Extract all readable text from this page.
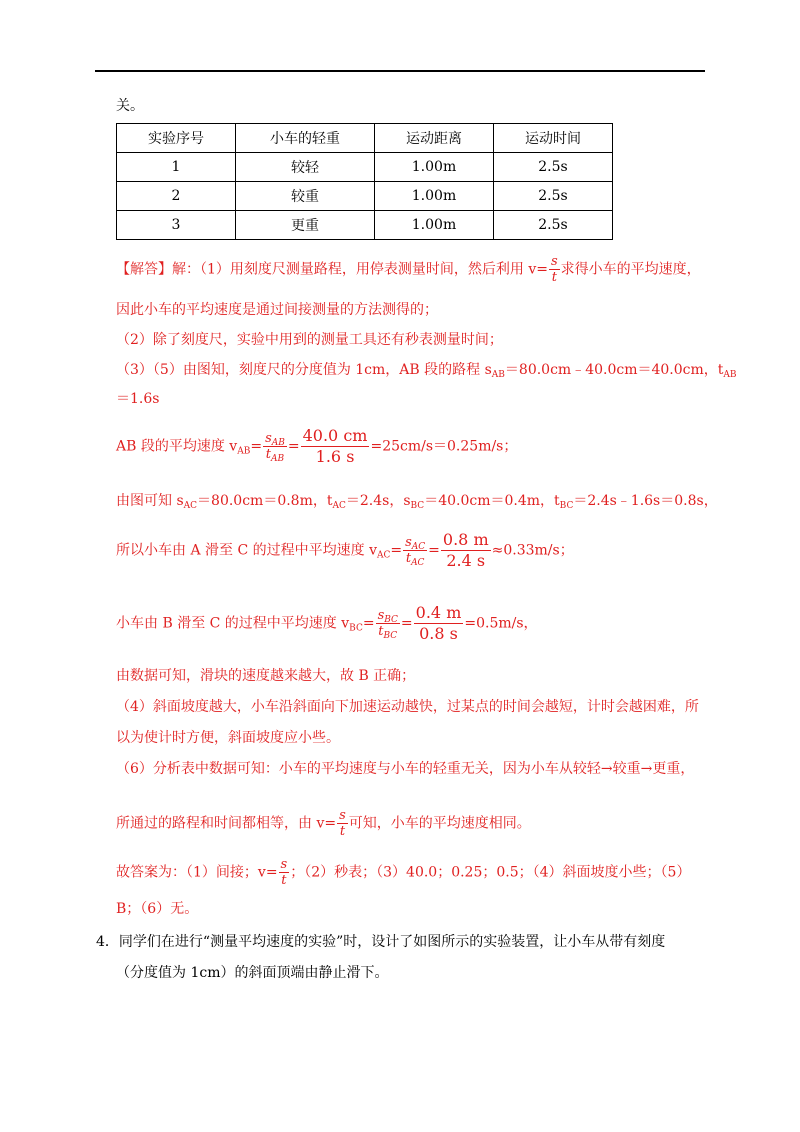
关。
实验序号	小车的轻重	运动距离	运动时间
1	较轻	1.00m	2.5s
2	较重	1.00m	2.5s
3	更重	1.00m	2.5s
【解答】解：（1）用刻度尺测量路程，用停表测量时间，然后利用 $v= \frac{s}{t}$ 求得小车的平均速度，
因此小车的平均速度是通过间接测量的方法测得的；
（2）除了刻度尺，实验中用到的测量工具还有秒表测量时间；
（3）（5）由图知，刻度尺的分度值为 1cm，AB 段的路程 $s_{AB}=80.0cm﹣40.0cm=40.0cm$，$t_{AB}$
＝1.6s
AB 段的平均速度 $v_{AB}= \frac{s_{AB}}{t_{AB}} = \frac{40.0 cm}{1.6 s} =25cm/s=0.25m/s$；
由图可知 $s_{AC}=80.0cm=0.8m$，$t_{AC}=2.4s$，$s_{BC}=40.0cm=0.4m$，$t_{BC}=2.4s﹣1.6s=0.8s$，
所以小车由 A 滑至 C 的过程中平均速度 $v_{AC}= \frac{s_{AC}}{t_{AC}} = \frac{0.8 m}{2.4 s} \approx 0.33m/s$；
小车由 B 滑至 C 的过程中平均速度 $v_{BC}= \frac{s_{BC}}{t_{BC}} = \frac{0.4 m}{0.8 s} =0.5m/s$，
由数据可知，滑块的速度越来越大，故 B 正确；
（4）斜面坡度越大，小车沿斜面向下加速运动越快，过某点的时间会越短，计时会越困难，所
以为使计时方便，斜面坡度应小些。
（6）分析表中数据可知：小车的平均速度与小车的轻重无关，因为小车从较轻→较重→更重，
所通过的路程和时间都相等，由 $v= \frac{s}{t}$ 可知，小车的平均速度相同。
故答案为：（1）间接；$v= \frac{s}{t}$ ；（2）秒表；（3）40.0；0.25；0.5；（4）斜面坡度小些；（5）
B；（6）无。
4．同学们在进行“测量平均速度的实验”时，设计了如图所示的实验装置，让小车从带有刻度
（分度值为 1cm）的斜面顶端由静止滑下。
